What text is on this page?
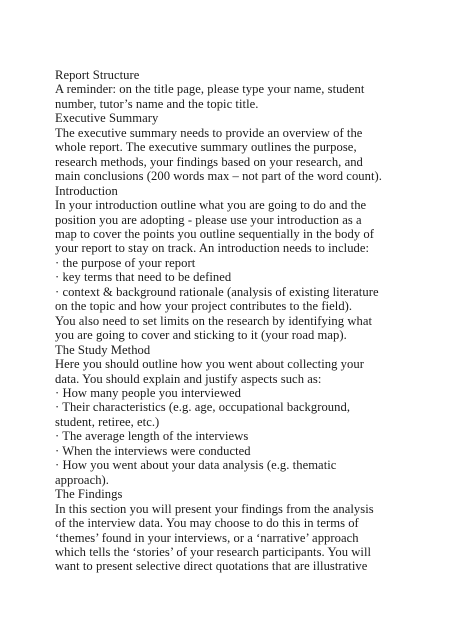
Report Structure
A reminder: on the title page, please type your name, student
number, tutor’s name and the topic title.
Executive Summary
The executive summary needs to provide an overview of the
whole report. The executive summary outlines the purpose,
research methods, your findings based on your research, and
main conclusions (200 words max – not part of the word count).
Introduction
In your introduction outline what you are going to do and the
position you are adopting - please use your introduction as a
map to cover the points you outline sequentially in the body of
your report to stay on track. An introduction needs to include:
· the purpose of your report
· key terms that need to be defined
· context & background rationale (analysis of existing literature
on the topic and how your project contributes to the field).
You also need to set limits on the research by identifying what
you are going to cover and sticking to it (your road map).
The Study Method
Here you should outline how you went about collecting your
data. You should explain and justify aspects such as:
· How many people you interviewed
· Their characteristics (e.g. age, occupational background,
student, retiree, etc.)
· The average length of the interviews
· When the interviews were conducted
· How you went about your data analysis (e.g. thematic
approach).
The Findings
In this section you will present your findings from the analysis
of the interview data. You may choose to do this in terms of
‘themes’ found in your interviews, or a ‘narrative’ approach
which tells the ‘stories’ of your research participants. You will
want to present selective direct quotations that are illustrative
